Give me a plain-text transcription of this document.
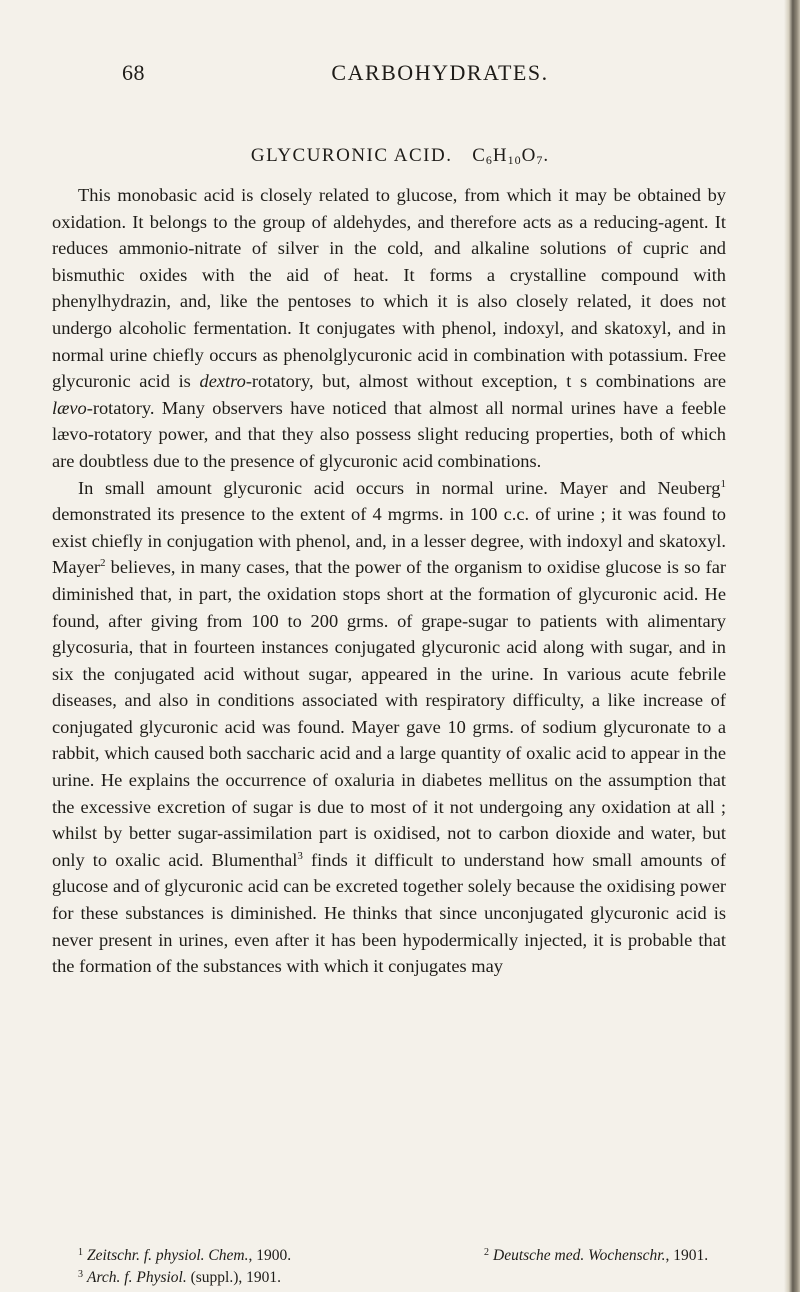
68	CARBOHYDRATES.
GLYCURONIC ACID. $C_6H_{10}O_7$.

This monobasic acid is closely related to glucose, from which it may be obtained by oxidation. It belongs to the group of aldehydes, and therefore acts as a reducing-agent. It reduces ammonio-nitrate of silver in the cold, and alkaline solutions of cupric and bismuthic oxides with the aid of heat. It forms a crystalline compound with phenylhydrazin, and, like the pentoses to which it is also closely related, it does not undergo alcoholic fermentation. It conjugates with phenol, indoxyl, and skatoxyl, and in normal urine chiefly occurs as phenolglycuronic acid in combination with potassium. Free glycuronic acid is dextro-rotatory, but, almost without exception, t s combinations are lævo-rotatory. Many observers have noticed that almost all normal urines have a feeble lævo-rotatory power, and that they also possess slight reducing properties, both of which are doubtless due to the presence of glycuronic acid combinations.

In small amount glycuronic acid occurs in normal urine. Mayer and Neuberg$^1$ demonstrated its presence to the extent of 4 mgrms. in 100 c.c. of urine ; it was found to exist chiefly in conjugation with phenol, and, in a lesser degree, with indoxyl and skatoxyl. Mayer$^2$ believes, in many cases, that the power of the organism to oxidise glucose is so far diminished that, in part, the oxidation stops short at the formation of glycuronic acid. He found, after giving from 100 to 200 grms. of grape-sugar to patients with alimentary glycosuria, that in fourteen instances conjugated glycuronic acid along with sugar, and in six the conjugated acid without sugar, appeared in the urine. In various acute febrile diseases, and also in conditions associated with respiratory difficulty, a like increase of conjugated glycuronic acid was found. Mayer gave 10 grms. of sodium glycuronate to a rabbit, which caused both saccharic acid and a large quantity of oxalic acid to appear in the urine. He explains the occurrence of oxaluria in diabetes mellitus on the assumption that the excessive excretion of sugar is due to most of it not undergoing any oxidation at all ; whilst by better sugar-assimilation part is oxidised, not to carbon dioxide and water, but only to oxalic acid. Blumenthal$^3$ finds it difficult to understand how small amounts of glucose and of glycuronic acid can be excreted together solely because the oxidising power for these substances is diminished. He thinks that since unconjugated glycuronic acid is never present in urines, even after it has been hypodermically injected, it is probable that the formation of the substances with which it conjugates may

$^1$ Zeitschr. f. physiol. Chem., 1900.	$^2$ Deutsche med. Wochenschr., 1901.
$^3$ Arch. f. Physiol. (suppl.), 1901.
